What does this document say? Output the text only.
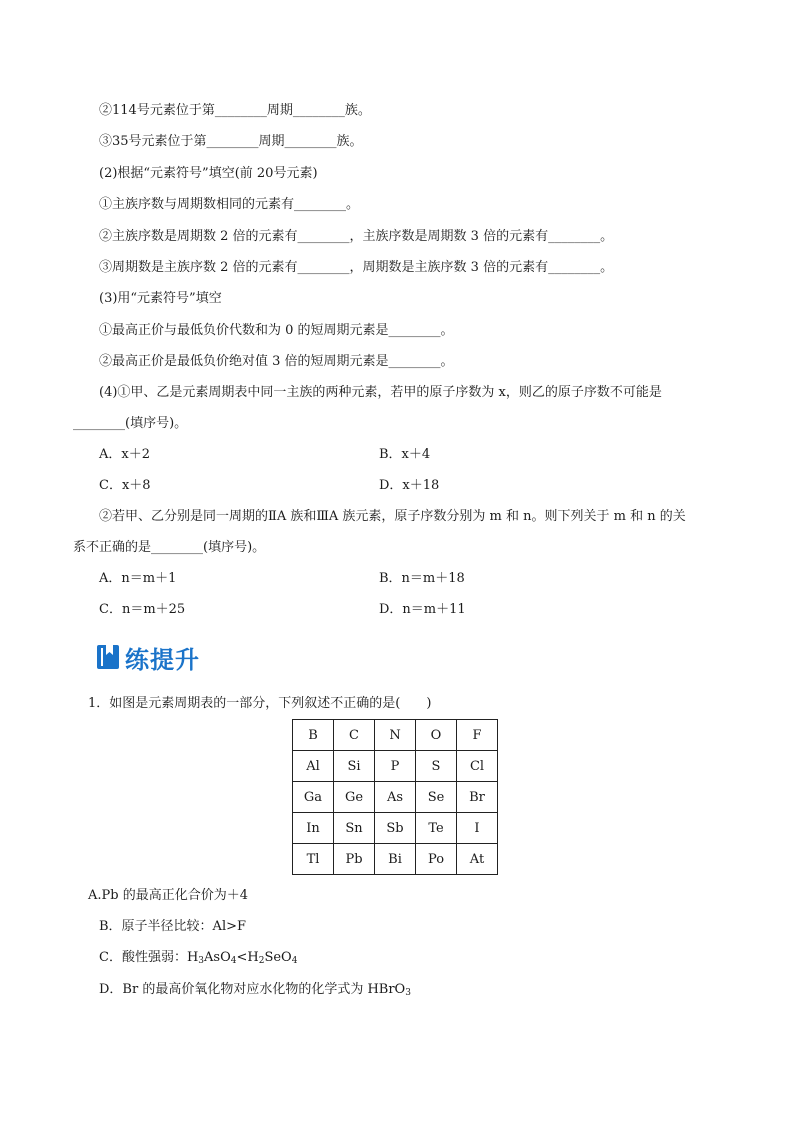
②114号元素位于第________周期________族。
③35号元素位于第________周期________族。
(2)根据“元素符号”填空(前 20号元素)
①主族序数与周期数相同的元素有________。
②主族序数是周期数 2 倍的元素有________，主族序数是周期数 3 倍的元素有________。
③周期数是主族序数 2 倍的元素有________，周期数是主族序数 3 倍的元素有________。
(3)用“元素符号”填空
①最高正价与最低负价代数和为 0 的短周期元素是________。
②最高正价是最低负价绝对值 3 倍的短周期元素是________。
(4)①甲、乙是元素周期表中同一主族的两种元素，若甲的原子序数为 x，则乙的原子序数不可能是
________(填序号)。
A．x＋2	B．x＋4
C．x＋8	D．x＋18
②若甲、乙分别是同一周期的ⅡA 族和ⅢA 族元素，原子序数分别为 m 和 n。则下列关于 m 和 n 的关
系不正确的是________(填序号)。
A．n＝m＋1	B．n＝m＋18
C．n＝m＋25	D．n＝m＋11
练提升
1．如图是元素周期表的一部分，下列叙述不正确的是(　　)
B	C	N	O	F
Al	Si	P	S	Cl
Ga	Ge	As	Se	Br
In	Sn	Sb	Te	I
Tl	Pb	Bi	Po	At
A.Pb 的最高正化合价为＋4
B．原子半径比较：Al>F
C．酸性强弱：$H_3AsO_4<H_2SeO_4$
D．Br 的最高价氧化物对应水化物的化学式为 HBrO$_3$
